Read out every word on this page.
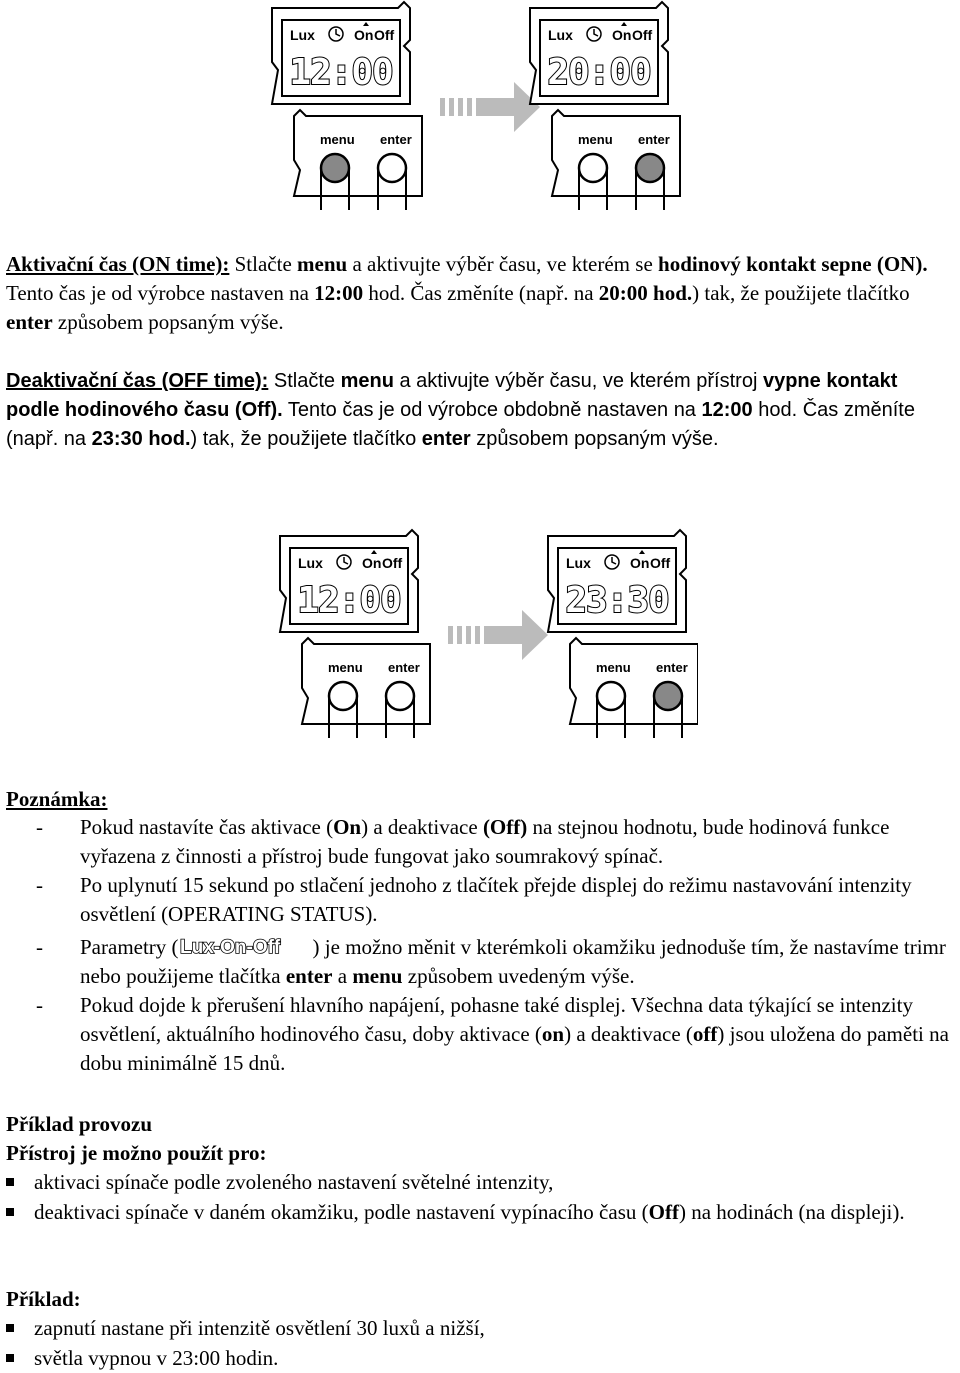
Lux	On Off
12:00
menu enter
Lux	On Off
20:00
menu enter

Aktivační čas (ON time): Stlačte menu a aktivujte výběr času, ve kterém se hodinový kontakt sepne (ON). Tento čas je od výrobce nastaven na 12:00 hod. Čas změníte (např. na 20:00 hod.) tak, že použijete tlačítko enter způsobem popsaným výše.

Deaktivační čas (OFF time): Stlačte menu a aktivujte výběr času, ve kterém přístroj vypne kontakt podle hodinového času (Off). Tento čas je od výrobce obdobně nastaven na 12:00 hod. Čas změníte (např. na 23:30 hod.) tak, že použijete tlačítko enter způsobem popsaným výše.

Lux	On Off
12:00
menu enter
Lux	On Off
23:30
menu enter

Poznámka:

- Pokud nastavíte čas aktivace (On) a deaktivace (Off) na stejnou hodnotu, bude hodinová funkce vyřazena z činnosti a přístroj bude fungovat jako soumrakový spínač.
- Po uplynutí 15 sekund po stlačení jednoho z tlačítek přejde displej do režimu nastavování intenzity osvětlení (OPERATING STATUS).
- Parametry ( Lux-On-Off ) je možno měnit v kterémkoli okamžiku jednoduše tím, že nastavíme trimr nebo použijeme tlačítka enter a menu způsobem uvedeným výše.
- Pokud dojde k přerušení hlavního napájení, pohasne také displej. Všechna data týkající se intenzity osvětlení, aktuálního hodinového času, doby aktivace (on) a deaktivace (off) jsou uložena do paměti na dobu minimálně 15 dnů.

Příklad provozu

Přístroj je možno použít pro:

aktivaci spínače podle zvoleného nastavení světelné intenzity,
deaktivaci spínače v daném okamžiku, podle nastavení vypínacího času (Off) na hodinách (na displeji).

Příklad:

zapnutí nastane při intenzitě osvětlení 30 luxů a nižší,
světla vypnou v 23:00 hodin.
